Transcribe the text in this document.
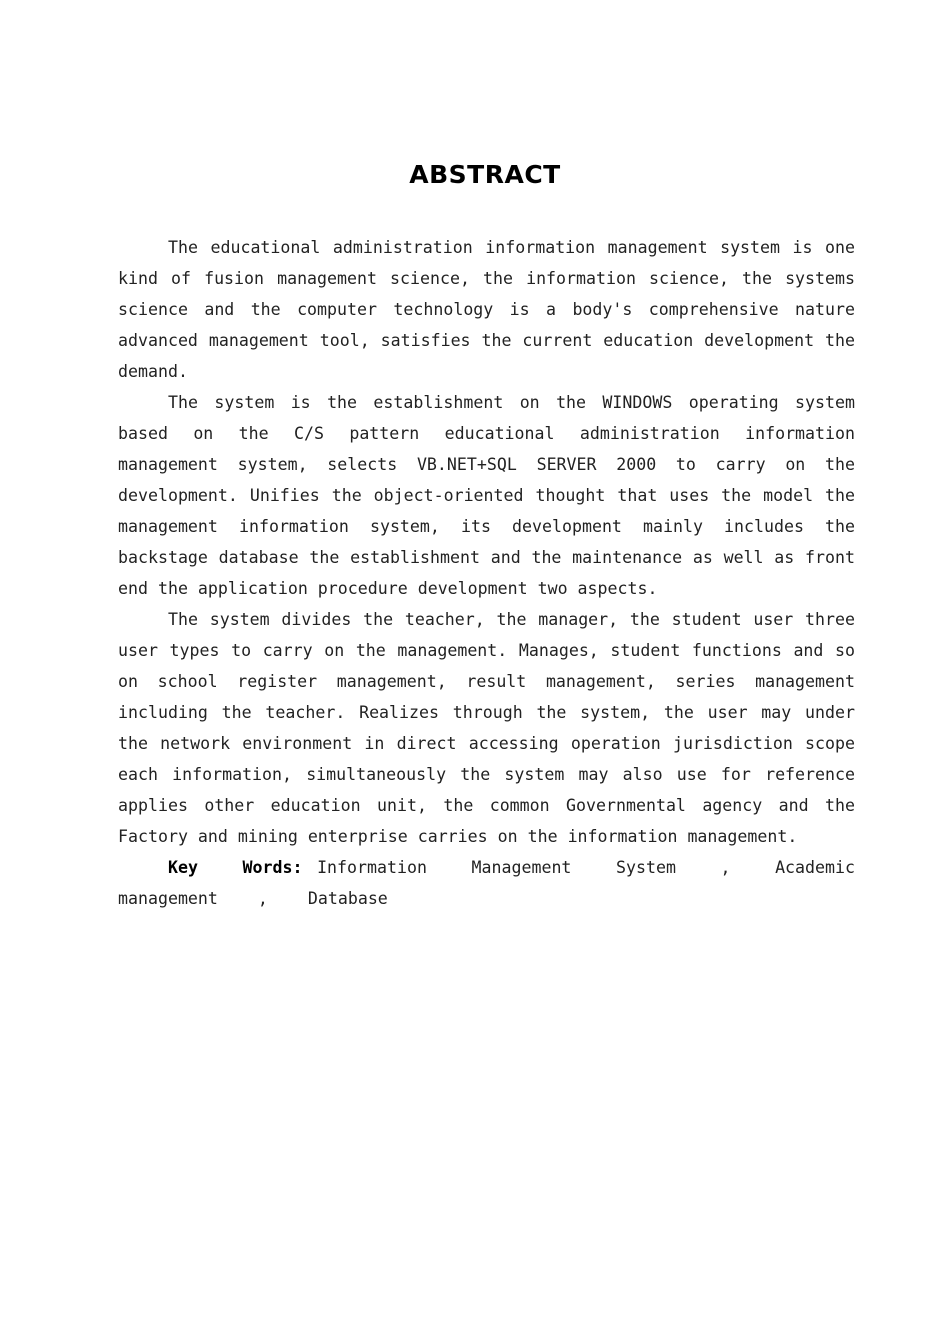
ABSTRACT

The educational administration information management system is one kind of fusion management science, the information science, the systems science and the computer technology is a body's comprehensive nature advanced management tool, satisfies the current education development the demand.

The system is the establishment on the WINDOWS operating system based on the C/S pattern educational administration information management system, selects VB.NET+SQL SERVER 2000 to carry on the development. Unifies the object-oriented thought that uses the model the management information system, its development mainly includes the backstage database the establishment and the maintenance as well as front end the application procedure development two aspects.

The system divides the teacher, the manager, the student user three user types to carry on the management. Manages, student functions and so on school register management, result management, series management including the teacher. Realizes through the system, the user may under the network environment in direct accessing operation jurisdiction scope each information, simultaneously the system may also use for reference applies other education unit, the common Governmental agency and the Factory and mining enterprise carries on the information management.

Key Words: Information Management System , Academic management , Database
